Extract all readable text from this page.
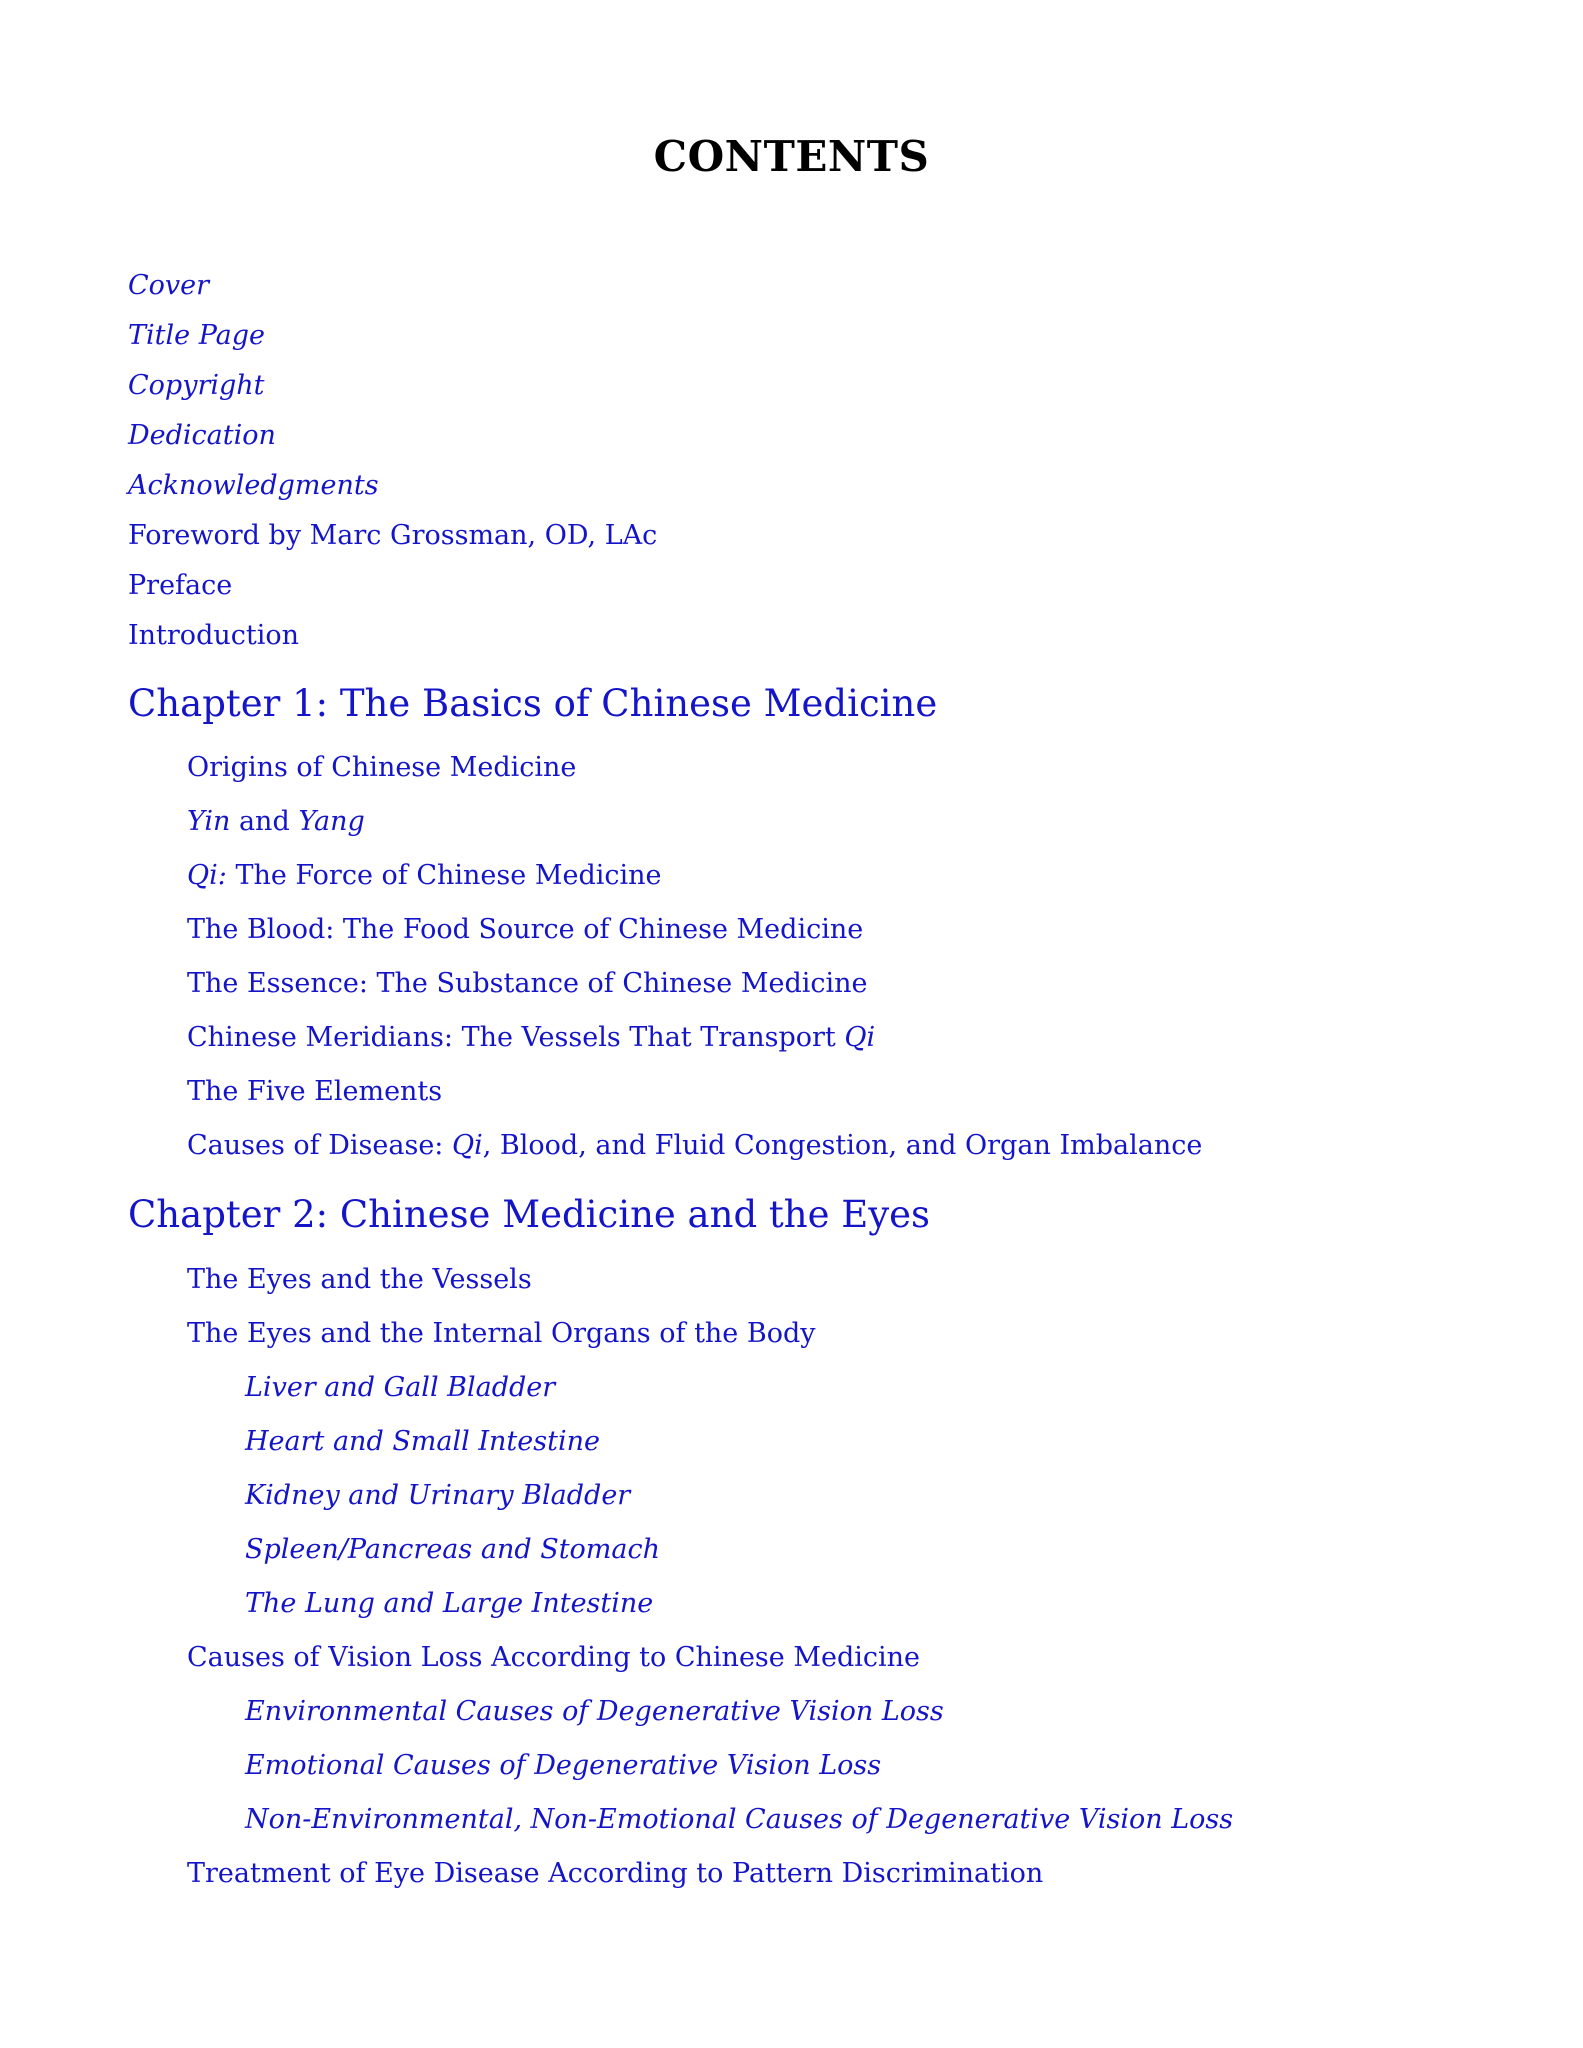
CONTENTS
Cover
Title Page
Copyright
Dedication
Acknowledgments
Foreword by Marc Grossman, OD, LAc
Preface
Introduction
Chapter 1: The Basics of Chinese Medicine
Origins of Chinese Medicine
Yin and Yang
Qi: The Force of Chinese Medicine
The Blood: The Food Source of Chinese Medicine
The Essence: The Substance of Chinese Medicine
Chinese Meridians: The Vessels That Transport Qi
The Five Elements
Causes of Disease: Qi, Blood, and Fluid Congestion, and Organ Imbalance
Chapter 2: Chinese Medicine and the Eyes
The Eyes and the Vessels
The Eyes and the Internal Organs of the Body
Liver and Gall Bladder
Heart and Small Intestine
Kidney and Urinary Bladder
Spleen/Pancreas and Stomach
The Lung and Large Intestine
Causes of Vision Loss According to Chinese Medicine
Environmental Causes of Degenerative Vision Loss
Emotional Causes of Degenerative Vision Loss
Non-Environmental, Non-Emotional Causes of Degenerative Vision Loss
Treatment of Eye Disease According to Pattern Discrimination
